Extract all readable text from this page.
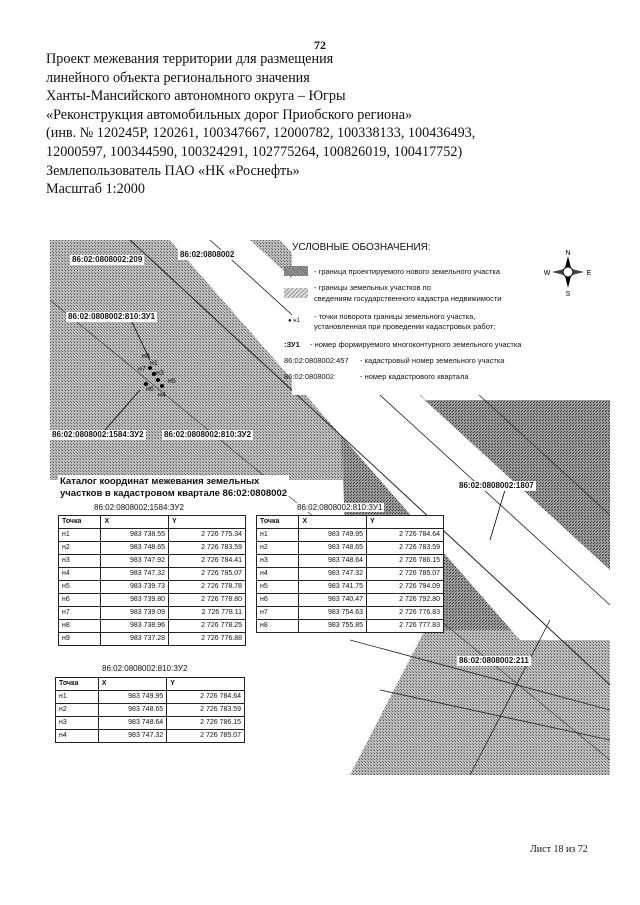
72
Проект межевания территории для размещения
линейного объекта регионального значения
Ханты-Мансийского автономного округа – Югры
«Реконструкция автомобильных дорог Приобского региона»
(инв. № 120245Р, 120261, 100347667, 12000782, 100338133, 100436493,
12000597, 100344590, 100324291, 102775264, 100826019, 100417752)
Землепользователь ПАО «НК «Роснефть»
Масштаб 1:2000
86:02:0808002:209
86:02:0808002
86:02:0808002:810:ЗУ1
86:02:0808002:1584:ЗУ2	86:02:0808002:810:ЗУ2
86:02:0808002:1807
86:02:0808002:211
н8
н1
н7
н3
н5
н6
н4
УСЛОВНЫЕ ОБОЗНАЧЕНИЯ:
- граница проектируемого нового земельного участка
- границы земельных участков по
сведениям государственного кадастра недвижимости
● н1 - точки поворота границы земельного участка,
установленная при проведении кадастровых работ;
:ЗУ1 - номер формируемого многоконтурного земельного участка
86:02:0808002:457 - кадастровый номер земельного участка
86:02:0808002	- номер кадастрового квартала
N
S
W	E
Каталог координат межевания земельных
участков в кадастровом квартале 86:02:0808002
86:02:0808002:1584:ЗУ2
Точка	X	Y
н1	983 738.55	2 726 775.34
н2	983 748.65	2 726 783.59
н3	983 747.92	2 726 784.41
н4	983 747.32	2 726 785.07
н5	983 739.73	2 726 778.78
н6	983 739.80	2 726 778.80
н7	983 739.09	2 726 778.11
н8	983 738.96	2 726 778.25
н9	983 737.28	2 726 776.88
86:02:0808002:810:ЗУ1
Точка	X	Y
н1	983 749.95	2 726 784.64
н2	983 748.65	2 726 783.59
н3	983 748.64	2 726 786.15
н4	983 747.32	2 726 785.07
н5	983 741.75	2 726 794.09
н6	983 740.47	2 726 792.80
н7	983 754.63	2 726 776.83
н8	983 755.85	2 726 777.83
86:02:0808002:810:ЗУ2
Точка	X	Y
н1	983 749.95	2 726 784.64
н2	983 748.65	2 726 783.59
н3	983 748.64	2 726 786.15
н4	983 747.32	2 726 785.07
Лист 18 из 72
